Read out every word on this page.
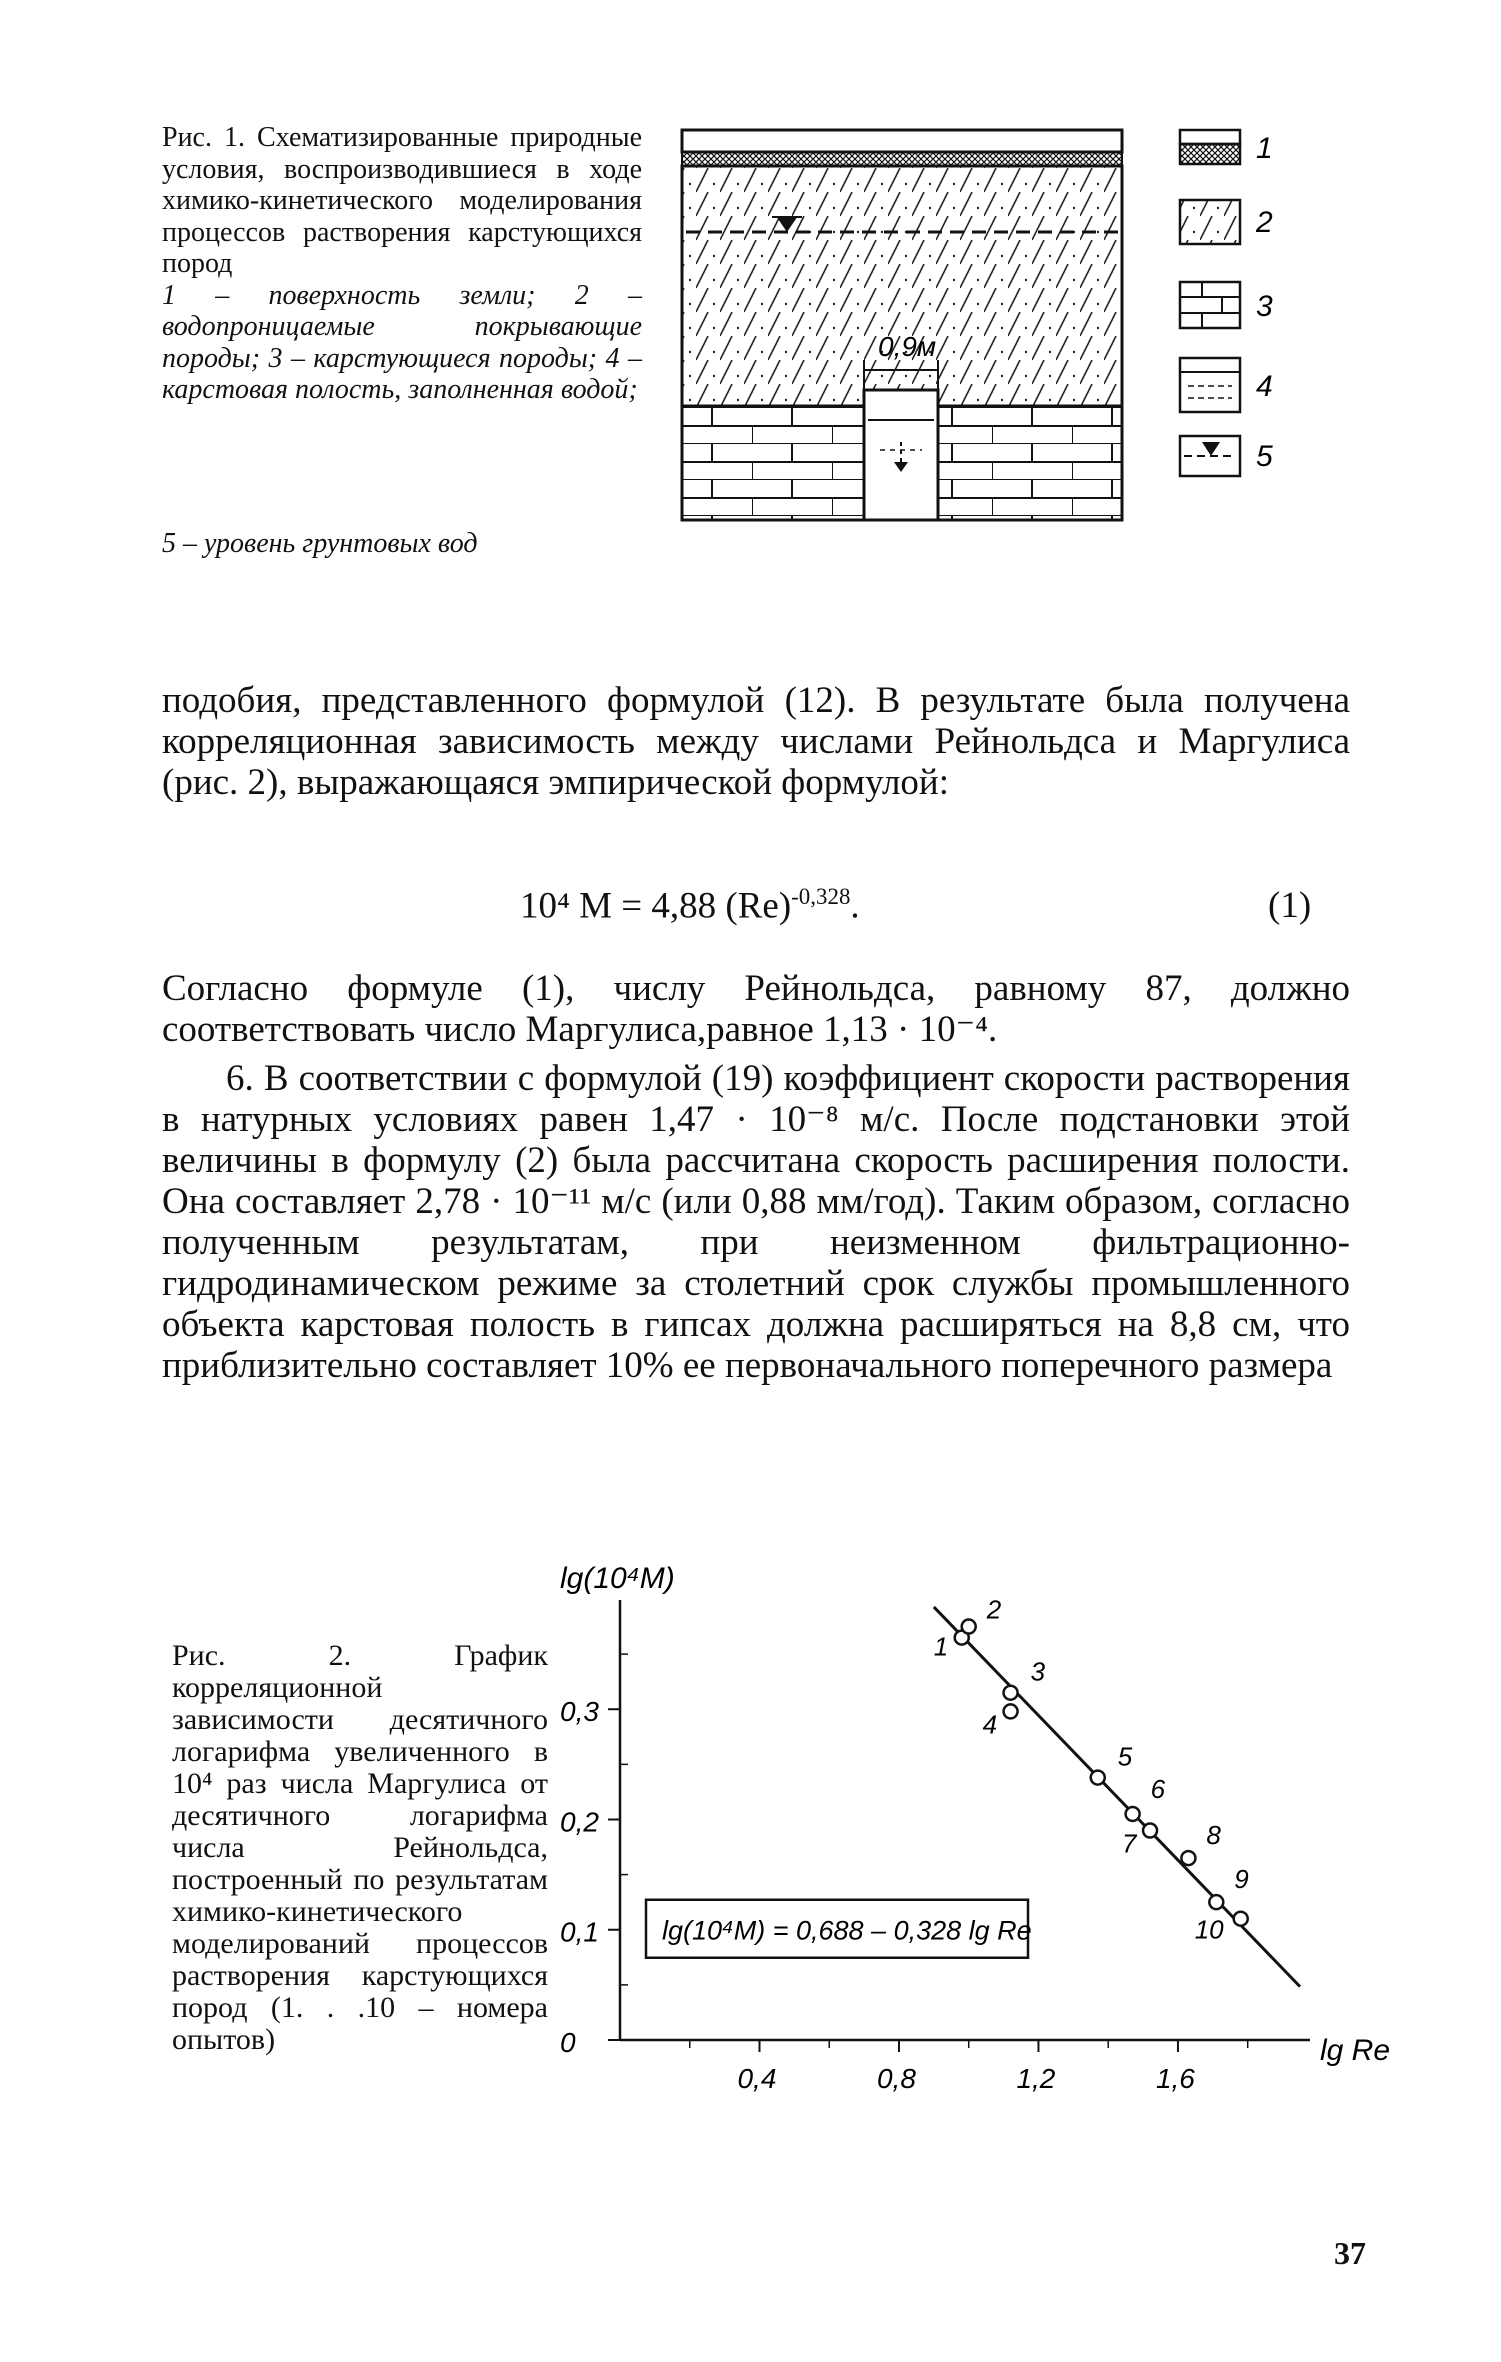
Рис. 1. Схематизированные природные условия, воспроизводившиеся в ходе химико-кинетического моделирования процессов растворения карстующихся пород

1 – поверхность земли; 2 – водопроницаемые покрывающие породы; 3 – карстующиеся породы; 4 – карстовая полость, заполненная водой;

5 – уровень грунтовых вод
0,9м
1
2
3
4
5
подобия, представленного формулой (12). В результате была получена корреляционная зависимость между числами Рейнольдса и Маргулиса (рис. 2), выражающаяся эмпирической формулой:
10⁴ M = 4,88 $(Re)^{-0,328}$.	(1)
Согласно формуле (1), числу Рейнольдса, равному 87, должно соответствовать число Маргулиса,равное 1,13 · 10⁻⁴.
6. В соответствии с формулой (19) коэффициент скорости растворения в натурных условиях равен 1,47 · 10⁻⁸ м/с. После подстановки этой величины в формулу (2) была рассчитана скорость расширения полости. Она составляет 2,78 · 10⁻¹¹ м/с (или 0,88 мм/год). Таким образом, согласно полученным результатам, при неизменном фильтрационно-гидродинамическом режиме за столетний срок службы промышленного объекта карстовая полость в гипсах должна расширяться на 8,8 см, что приблизительно составляет 10% ее первоначального поперечного размера
Рис. 2. График корреляционной зависимости десятичного логарифма увеличенного в 10⁴ раз числа Маргулиса от десятичного логарифма числа Рейнольдса, построенный по результатам химико-кинетического моделирований процессов растворения карстующихся пород (1. . .10 – номера опытов)
lg(10⁴M)
lg Re
0,4	0,8	1,2	1,6
0
0,1
0,2
0,3
1
2
3
4
5
6
7	8
9
10
lg(10⁴M) = 0,688 – 0,328 lg Re
37
